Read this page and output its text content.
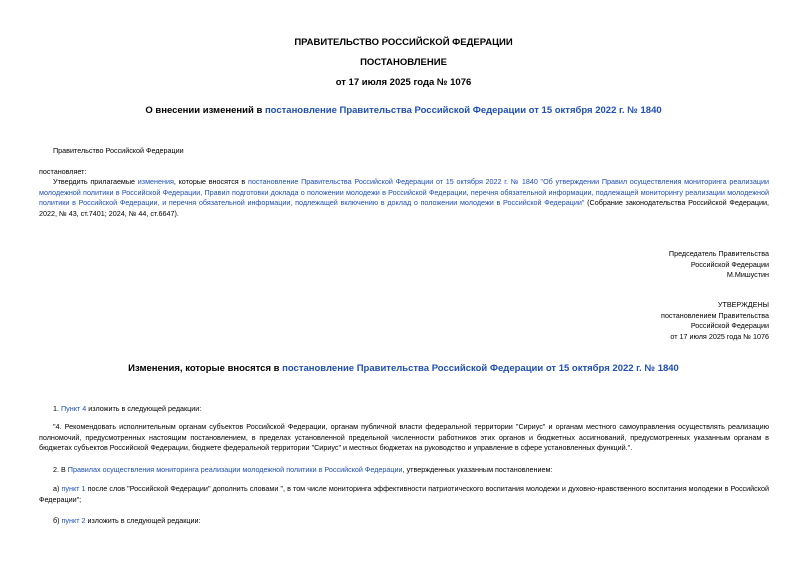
ПРАВИТЕЛЬСТВО РОССИЙСКОЙ ФЕДЕРАЦИИ
ПОСТАНОВЛЕНИЕ
от 17 июля 2025 года № 1076
О внесении изменений в постановление Правительства Российской Федерации от 15 октября 2022 г. № 1840
Правительство Российской Федерации
постановляет:
Утвердить прилагаемые изменения, которые вносятся в постановление Правительства Российской Федерации от 15 октября 2022 г. № 1840 "Об утверждении Правил осуществления мониторинга реализации молодежной политики в Российской Федерации, Правил подготовки доклада о положении молодежи в Российской Федерации, перечня обязательной информации, подлежащей мониторингу реализации молодежной политики в Российской Федерации, и перечня обязательной информации, подлежащей включению в доклад о положении молодежи в Российской Федерации" (Собрание законодательства Российской Федерации, 2022, № 43, ст.7401; 2024, № 44, ст.6647).
Председатель Правительства
Российской Федерации
М.Мишустин
УТВЕРЖДЕНЫ
постановлением Правительства
Российской Федерации
от 17 июля 2025 года № 1076
Изменения, которые вносятся в постановление Правительства Российской Федерации от 15 октября 2022 г. № 1840
1. Пункт 4 изложить в следующей редакции:
"4. Рекомендовать исполнительным органам субъектов Российской Федерации, органам публичной власти федеральной территории "Сириус" и органам местного самоуправления осуществлять реализацию полномочий, предусмотренных настоящим постановлением, в пределах установленной предельной численности работников этих органов и бюджетных ассигнований, предусмотренных указанным органам в бюджетах субъектов Российской Федерации, бюджете федеральной территории "Сириус" и местных бюджетах на руководство и управление в сфере установленных функций.".
2. В Правилах осуществления мониторинга реализации молодежной политики в Российской Федерации, утвержденных указанным постановлением:
а) пункт 1 после слов "Российской Федерации" дополнить словами ", в том числе мониторинга эффективности патриотического воспитания молодежи и духовно-нравственного воспитания молодежи в Российской Федерации";
б) пункт 2 изложить в следующей редакции:
